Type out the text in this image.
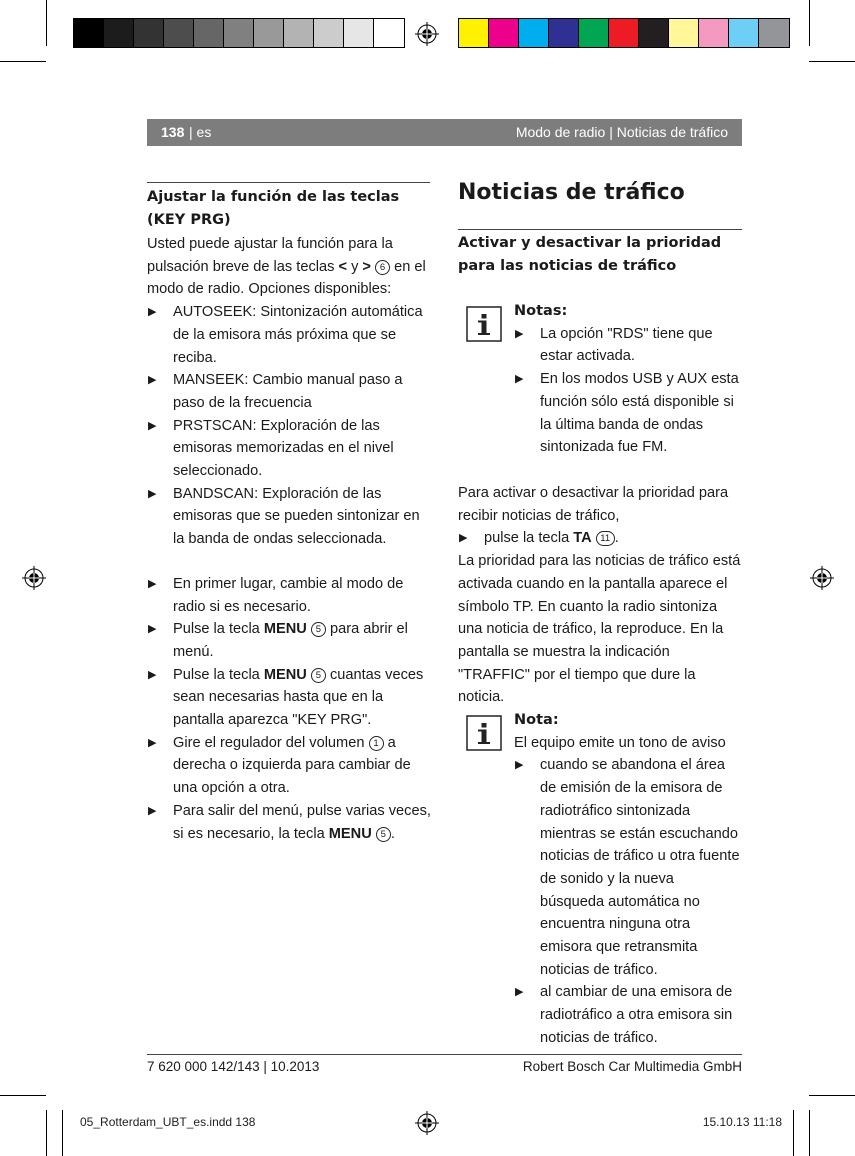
138 | es	Modo de radio | Noticias de tráfico
Ajustar la función de las teclas (KEY PRG)

Usted puede ajustar la función para la
pulsación breve de las teclas < y > 6 en el
modo de radio. Opciones disponibles:

▶ AUTOSEEK: Sintonización automática de la emisora más próxima que se reciba.
▶ MANSEEK: Cambio manual paso a paso de la frecuencia
▶ PRSTSCAN: Exploración de las emisoras memorizadas en el nivel seleccionado.
▶ BANDSCAN: Exploración de las emisoras que se pueden sintonizar en la banda de ondas seleccionada.
▶ En primer lugar, cambie al modo de radio si es necesario.
▶ Pulse la tecla MENU 5 para abrir el menú.
▶ Pulse la tecla MENU 5 cuantas veces sean necesarias hasta que en la pantalla aparezca "KEY PRG".
▶ Gire el regulador del volumen 1 a derecha o izquierda para cambiar de una opción a otra.
▶ Para salir del menú, pulse varias veces, si es necesario, la tecla MENU 5 .
Noticias de tráfico
Activar y desactivar la prioridad para las noticias de tráfico
Notas:
▶ La opción "RDS" tiene que estar activada.
▶ En los modos USB y AUX esta función sólo está disponible si la última banda de ondas sintonizada fue FM.

Para activar o desactivar la prioridad para recibir noticias de tráfico,

▶ pulse la tecla TA 11 .

La prioridad para las noticias de tráfico está activada cuando en la pantalla aparece el símbolo TP. En cuanto la radio sintoniza una noticia de tráfico, la reproduce. En la pantalla se muestra la indicación "TRAFFIC" por el tiempo que dure la noticia.

Nota:

El equipo emite un tono de aviso

▶ cuando se abandona el área de emisión de la emisora de radiotráfico sintonizada mientras se están escuchando noticias de tráfico u otra fuente de sonido y la nueva búsqueda automática no encuentra ninguna otra emisora que retransmita noticias de tráfico.
▶ al cambiar de una emisora de radiotráfico a otra emisora sin noticias de tráfico.
7 620 000 142/143 | 10.2013	Robert Bosch Car Multimedia GmbH
05_Rotterdam_UBT_es.indd 138	15.10.13 11:18
